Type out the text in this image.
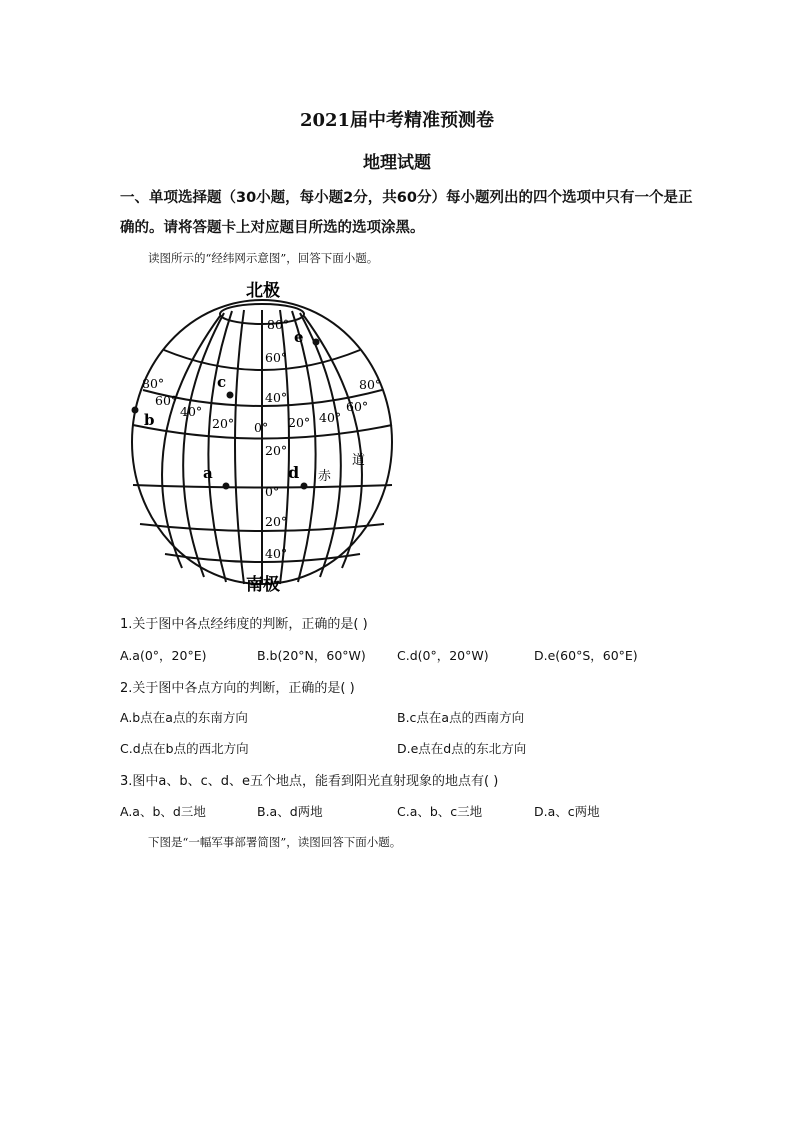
2021届中考精准预测卷
地理试题
一、单项选择题（30小题，每小题2分，共60分）每小题列出的四个选项中只有一个是正
确的。请将答题卡上对应题目所选的选项涂黑。
读图所示的“经纬网示意图”，回答下面小题。
北极
南极
赤
道
a
b
c
d
e
80°
60°
40°
20°
0°
20°
40°
80°
60°
40°
20° 0° 20° 40°
60°
80°
1.关于图中各点经纬度的判断，正确的是( )
A.a(0°，20°E)	B.b(20°N，60°W) C.d(0°，20°W)	D.e(60°S，60°E)
2.关于图中各点方向的判断，正确的是( )
A.b点在a点的东南方向	B.c点在a点的西南方向
C.d点在b点的西北方向	D.e点在d点的东北方向
3.图中a、b、c、d、e五个地点，能看到阳光直射现象的地点有( )
A.a、b、d三地	B.a、d两地	C.a、b、c三地	D.a、c两地
下图是“一幅军事部署简图”，读图回答下面小题。
